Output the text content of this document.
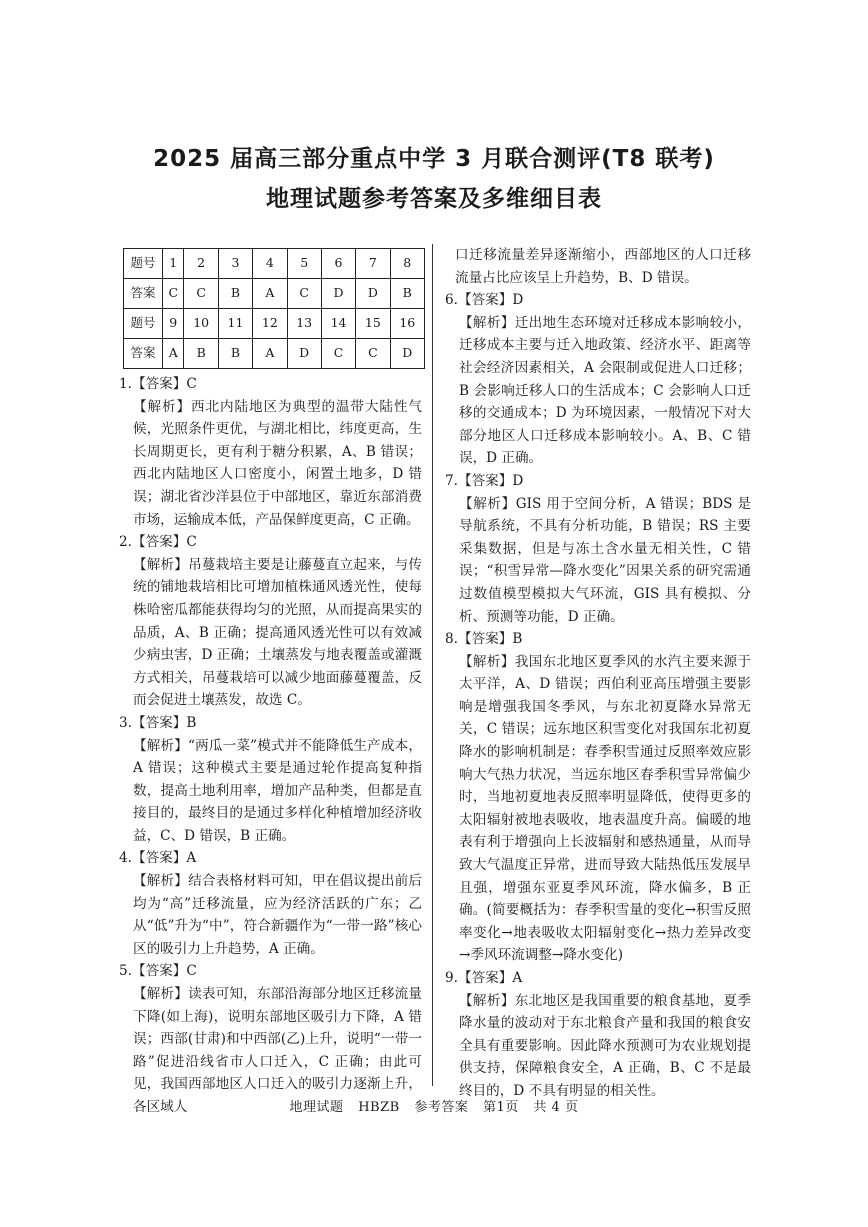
2025 届高三部分重点中学 3 月联合测评(T8 联考)
地理试题参考答案及多维细目表
题号	1	2	3	4	5	6	7	8
答案	C	C	B	A	C	D	D	B
题号	9	10	11	12	13	14	15	16
答案	A	B	B	A	D	C	C	D
1.【答案】C
【解析】西北内陆地区为典型的温带大陆性气候，光照条件更优，与湖北相比，纬度更高，生长周期更长，更有利于糖分积累，A、B 错误；西北内陆地区人口密度小，闲置土地多，D 错误；湖北省沙洋县位于中部地区，靠近东部消费市场，运输成本低，产品保鲜度更高，C 正确。
2.【答案】C
【解析】吊蔓栽培主要是让藤蔓直立起来，与传统的铺地栽培相比可增加植株通风透光性，使每株哈密瓜都能获得均匀的光照，从而提高果实的品质，A、B 正确；提高通风透光性可以有效减少病虫害，D 正确；土壤蒸发与地表覆盖或灌溉方式相关，吊蔓栽培可以减少地面藤蔓覆盖，反而会促进土壤蒸发，故选 C。
3.【答案】B
【解析】“两瓜一菜”模式并不能降低生产成本，A 错误；这种模式主要是通过轮作提高复种指数，提高土地利用率，增加产品种类，但都是直接目的，最终目的是通过多样化种植增加经济收益，C、D 错误，B 正确。
4.【答案】A
【解析】结合表格材料可知，甲在倡议提出前后均为“高”迁移流量，应为经济活跃的广东；乙从“低”升为“中”，符合新疆作为“一带一路”核心区的吸引力上升趋势，A 正确。
5.【答案】C
【解析】读表可知，东部沿海部分地区迁移流量下降(如上海)，说明东部地区吸引力下降，A 错误；西部(甘肃)和中西部(乙)上升，说明“一带一路”促进沿线省市人口迁入，C 正确；由此可见，我国西部地区人口迁入的吸引力逐渐上升，各区域人

口迁移流量差异逐渐缩小，西部地区的人口迁移流量占比应该呈上升趋势，B、D 错误。

6.【答案】D
【解析】迁出地生态环境对迁移成本影响较小，迁移成本主要与迁入地政策、经济水平、距离等社会经济因素相关，A 会限制或促进人口迁移；B 会影响迁移人口的生活成本；C 会影响人口迁移的交通成本；D 为环境因素，一般情况下对大部分地区人口迁移成本影响较小。A、B、C 错误，D 正确。
7.【答案】D
【解析】GIS 用于空间分析，A 错误；BDS 是导航系统，不具有分析功能，B 错误；RS 主要采集数据，但是与冻土含水量无相关性，C 错误；“积雪异常—降水变化”因果关系的研究需通过数值模型模拟大气环流，GIS 具有模拟、分析、预测等功能，D 正确。
8.【答案】B
【解析】我国东北地区夏季风的水汽主要来源于太平洋，A、D 错误；西伯利亚高压增强主要影响是增强我国冬季风，与东北初夏降水异常无关，C 错误；远东地区积雪变化对我国东北初夏降水的影响机制是：春季积雪通过反照率效应影响大气热力状况，当远东地区春季积雪异常偏少时，当地初夏地表反照率明显降低，使得更多的太阳辐射被地表吸收，地表温度升高。偏暖的地表有利于增强向上长波辐射和感热通量，从而导致大气温度正异常，进而导致大陆热低压发展早且强，增强东亚夏季风环流，降水偏多，B 正确。(简要概括为：春季积雪量的变化→积雪反照率变化→地表吸收太阳辐射变化→热力差异改变→季风环流调整→降水变化)
9.【答案】A
【解析】东北地区是我国重要的粮食基地，夏季降水量的波动对于东北粮食产量和我国的粮食安全具有重要影响。因此降水预测可为农业规划提供支持，保障粮食安全，A 正确，B、C 不是最终目的，D 不具有明显的相关性。
地理试题 HBZB 参考答案 第1页 共 4 页
